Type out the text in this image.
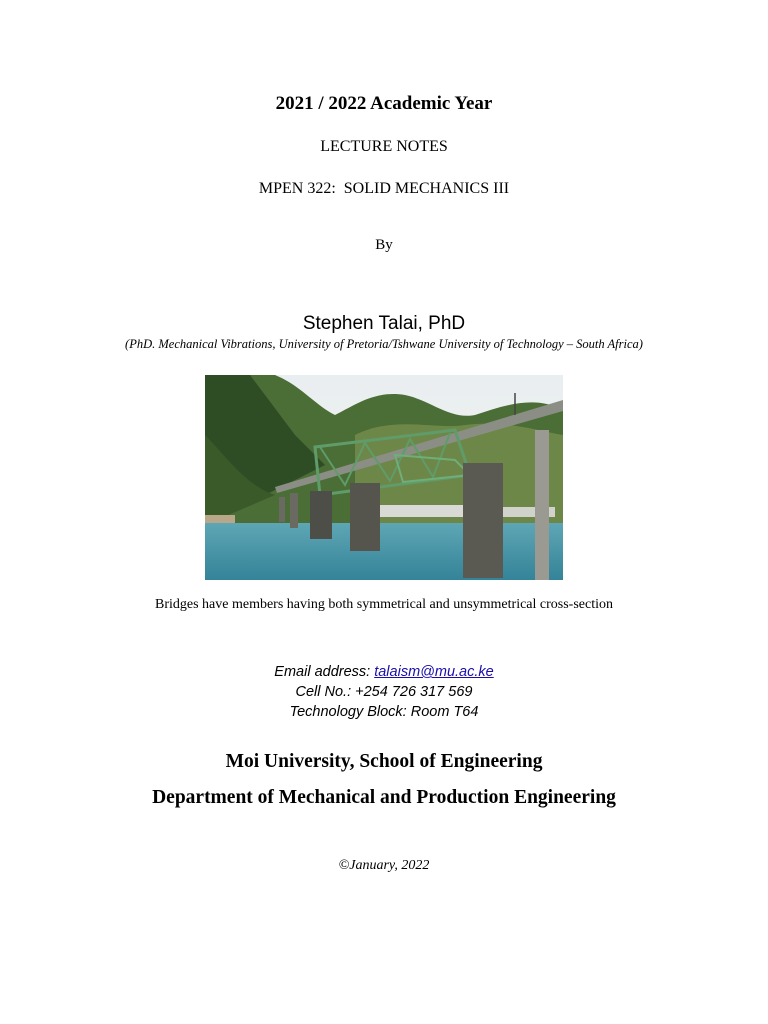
2021 / 2022 Academic Year
LECTURE NOTES
MPEN 322:  SOLID MECHANICS III
By
Stephen Talai, PhD
(PhD. Mechanical Vibrations, University of Pretoria/Tshwane University of Technology – South Africa)
Bridges have members having both symmetrical and unsymmetrical cross-section
Email address: talaism@mu.ac.ke
Cell No.: +254 726 317 569
Technology Block: Room T64
Moi University, School of Engineering
Department of Mechanical and Production Engineering
©January, 2022
